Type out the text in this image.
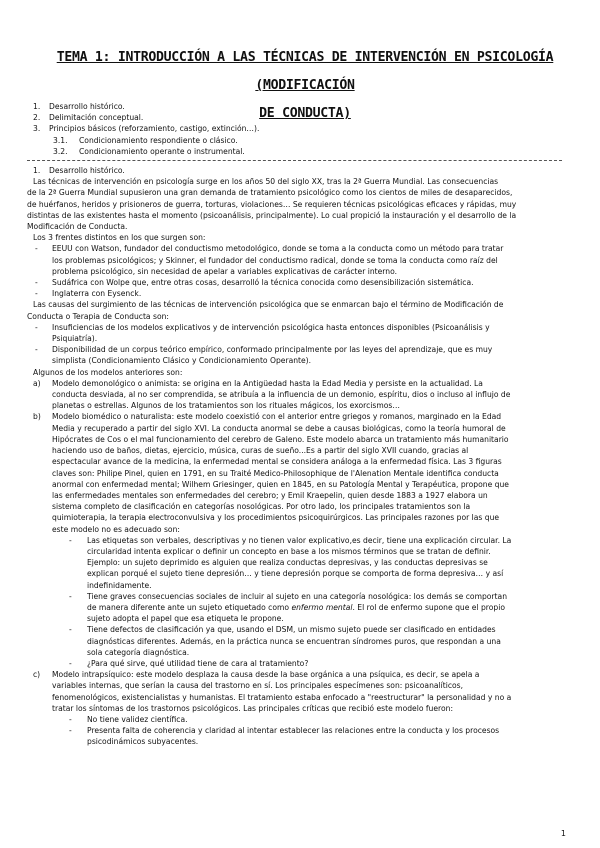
TEMA 1: INTRODUCCIÓN A LAS TÉCNICAS DE INTERVENCIÓN EN PSICOLOGÍA (MODIFICACIÓN
DE CONDUCTA)
1. Desarrollo histórico.
2. Delimitación conceptual.
3. Principios básicos (reforzamiento, castigo, extinción…).
3.1. Condicionamiento respondiente o clásico.
3.2. Condicionamiento operante o instrumental.
1. Desarrollo histórico.
Las técnicas de intervención en psicología surge en los años 50 del siglo XX, tras la 2ª Guerra Mundial. Las consecuencias
de la 2ª Guerra Mundial supusieron una gran demanda de tratamiento psicológico como los cientos de miles de desaparecidos,
de huérfanos, heridos y prisioneros de guerra, torturas, violaciones… Se requieren técnicas psicológicas eficaces y rápidas, muy
distintas de las existentes hasta el momento (psicoanálisis, principalmente). Lo cual propició la instauración y el desarrollo de la
Modificación de Conducta.
Los 3 frentes distintos en los que surgen son:
- EEUU con Watson, fundador del conductismo metodológico, donde se toma a la conducta como un método para tratar
los problemas psicológicos; y Skinner, el fundador del conductismo radical, donde se toma la conducta como raíz del
problema psicológico, sin necesidad de apelar a variables explicativas de carácter interno.
- Sudáfrica con Wolpe que, entre otras cosas, desarrolló la técnica conocida como desensibilización sistemática.
- Inglaterra con Eysenck.
Las causas del surgimiento de las técnicas de intervención psicológica que se enmarcan bajo el término de Modificación de
Conducta o Terapia de Conducta son:
- Insuficiencias de los modelos explicativos y de intervención psicológica hasta entonces disponibles (Psicoanálisis y
Psiquiatría).
- Disponibilidad de un corpus teórico empírico, conformado principalmente por las leyes del aprendizaje, que es muy
simplista (Condicionamiento Clásico y Condicionamiento Operante).
Algunos de los modelos anteriores son:
a) Modelo demonológico o animista: se origina en la Antigüedad hasta la Edad Media y persiste en la actualidad. La
conducta desviada, al no ser comprendida, se atribuía a la influencia de un demonio, espíritu, dios o incluso al influjo de
planetas o estrellas. Algunos de los tratamientos son los rituales mágicos, los exorcismos…
b) Modelo biomédico o naturalista: este modelo coexistió con el anterior entre griegos y romanos, marginado en la Edad
Media y recuperado a partir del siglo XVI. La conducta anormal se debe a causas biológicas, como la teoría humoral de
Hipócrates de Cos o el mal funcionamiento del cerebro de Galeno. Este modelo abarca un tratamiento más humanitario
haciendo uso de baños, dietas, ejercicio, música, curas de sueño...Es a partir del siglo XVII cuando, gracias al
espectacular avance de la medicina, la enfermedad mental se considera análoga a la enfermedad física. Las 3 figuras
claves son: Philipe Pinel, quien en 1791, en su Traité Medico-Philosophique de l'Alenation Mentale identifica conducta
anormal con enfermedad mental; Wilhem Griesinger, quien en 1845, en su Patología Mental y Terapéutica, propone que
las enfermedades mentales son enfermedades del cerebro; y Emil Kraepelin, quien desde 1883 a 1927 elabora un
sistema completo de clasificación en categorías nosológicas. Por otro lado, los principales tratamientos son la
quimioterapia, la terapia electroconvulsiva y los procedimientos psicoquirúrgicos. Las principales razones por las que
este modelo no es adecuado son:
- Las etiquetas son verbales, descriptivas y no tienen valor explicativo,es decir, tiene una explicación circular. La
circularidad intenta explicar o definir un concepto en base a los mismos términos que se tratan de definir.
Ejemplo: un sujeto deprimido es alguien que realiza conductas depresivas, y las conductas depresivas se
explican porqué el sujeto tiene depresión… y tiene depresión porque se comporta de forma depresiva… y así
indefinidamente.
- Tiene graves consecuencias sociales de incluir al sujeto en una categoría nosológica: los demás se comportan
de manera diferente ante un sujeto etiquetado como enfermo mental. El rol de enfermo supone que el propio
sujeto adopta el papel que esa etiqueta le propone.
- Tiene defectos de clasificación ya que, usando el DSM, un mismo sujeto puede ser clasificado en entidades
diagnósticas diferentes. Además, en la práctica nunca se encuentran síndromes puros, que respondan a una
sola categoría diagnóstica.
- ¿Para qué sirve, qué utilidad tiene de cara al tratamiento?
c) Modelo intrapsíquico: este modelo desplaza la causa desde la base orgánica a una psíquica, es decir, se apela a
variables internas, que serían la causa del trastorno en sí. Los principales especímenes son: psicoanalíticos,
fenomenológicos, existencialistas y humanistas. El tratamiento estaba enfocado a "reestructurar" la personalidad y no a
tratar los síntomas de los trastornos psicológicos. Las principales críticas que recibió este modelo fueron:
- No tiene validez científica.
- Presenta falta de coherencia y claridad al intentar establecer las relaciones entre la conducta y los procesos
psicodinámicos subyacentes.
1
